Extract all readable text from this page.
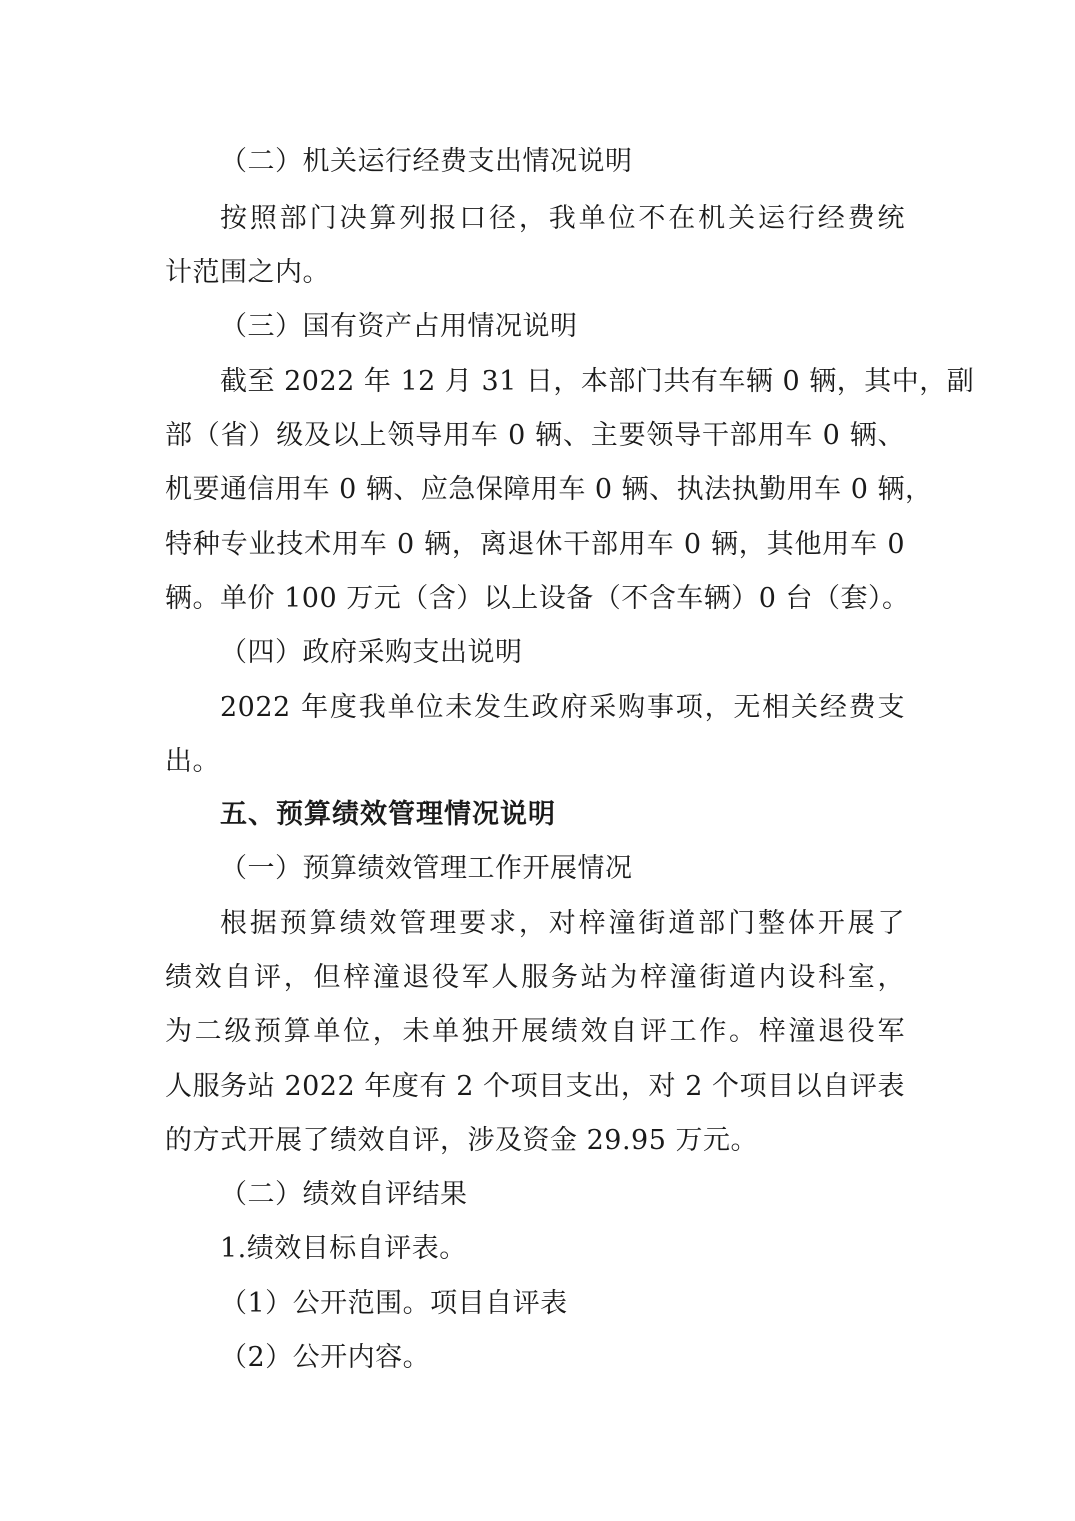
（二）机关运行经费支出情况说明
按照部门决算列报口径，我单位不在机关运行经费统
计范围之内。
（三）国有资产占用情况说明
截至 2022 年 12 月 31 日，本部门共有车辆 0 辆，其中，副
部（省）级及以上领导用车 0 辆、主要领导干部用车 0 辆、
机要通信用车 0 辆、应急保障用车 0 辆、执法执勤用车 0 辆，
特种专业技术用车 0 辆，离退休干部用车 0 辆，其他用车 0
辆。单价 100 万元（含）以上设备（不含车辆）0 台（套）。
（四）政府采购支出说明
2022 年度我单位未发生政府采购事项，无相关经费支
出。
五、预算绩效管理情况说明
（一）预算绩效管理工作开展情况
根据预算绩效管理要求，对梓潼街道部门整体开展了
绩效自评，但梓潼退役军人服务站为梓潼街道内设科室，
为二级预算单位，未单独开展绩效自评工作。梓潼退役军
人服务站 2022 年度有 2 个项目支出，对 2 个项目以自评表
的方式开展了绩效自评，涉及资金 29.95 万元。
（二）绩效自评结果
1.绩效目标自评表。
（1）公开范围。项目自评表
（2）公开内容。
